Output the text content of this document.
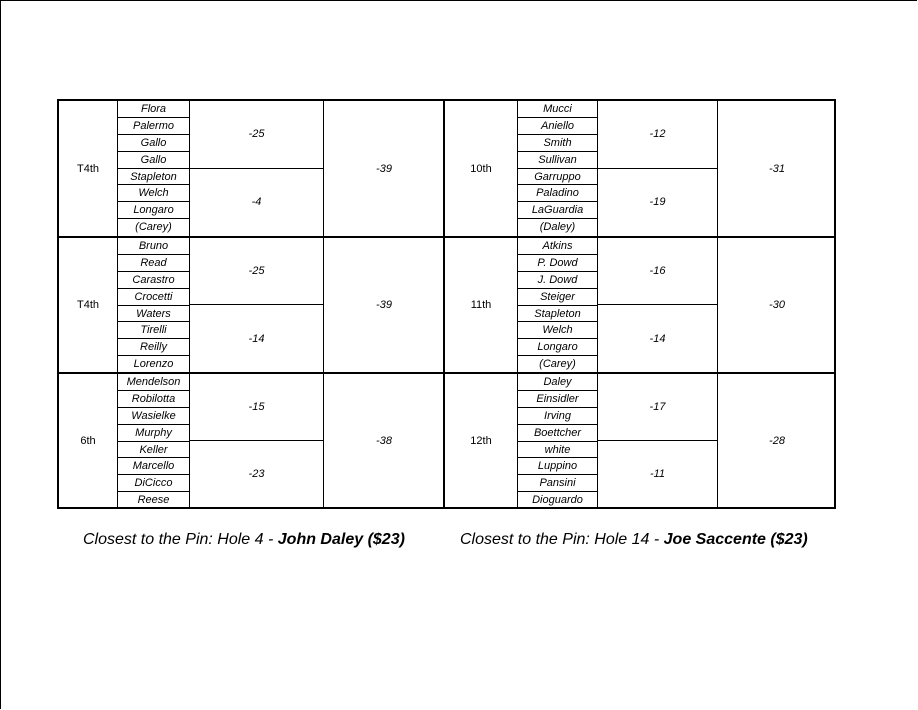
T4th
Flora
Palermo
Gallo
Gallo
Stapleton
Welch
Longaro
(Carey)
-25
-4
-39
T4th
Bruno
Read
Carastro
Crocetti
Waters
Tirelli
Reilly
Lorenzo
-25
-14
-39
6th
Mendelson
Robilotta
Wasielke
Murphy
Keller
Marcello
DiCicco
Reese
-15
-23
-38
10th
Mucci
Aniello
Smith
Sullivan
Garruppo
Paladino
LaGuardia
(Daley)
-12
-19
-31
11th
Atkins
P. Dowd
J. Dowd
Steiger
Stapleton
Welch
Longaro
(Carey)
-16
-14
-30
12th
Daley
Einsidler
Irving
Boettcher
white
Luppino
Pansini
Dioguardo
-17
-11
-28
Closest to the Pin: Hole 4 - John Daley ($23)	Closest to the Pin: Hole 14 - Joe Saccente ($23)
